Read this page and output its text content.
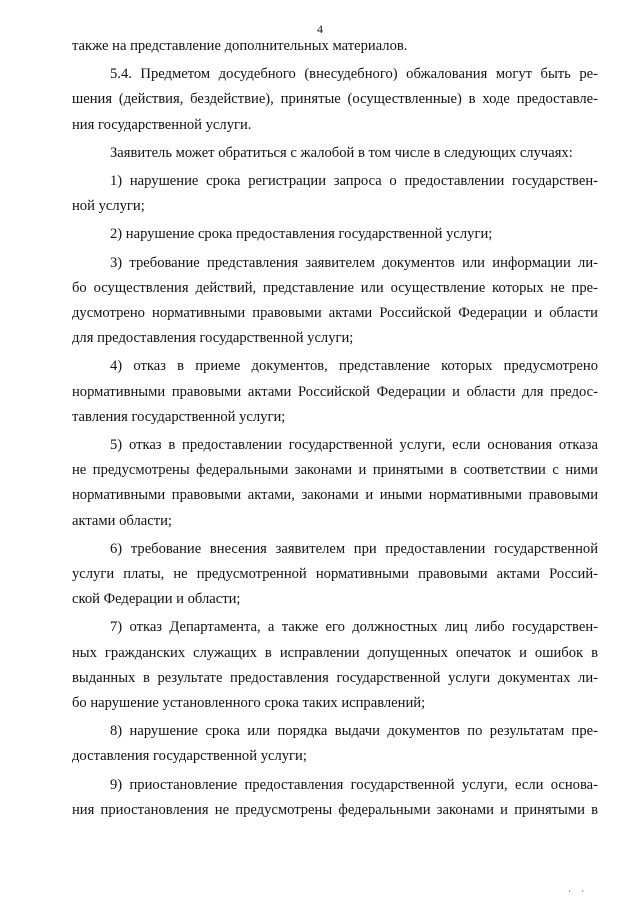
4
также на представление дополнительных материалов.
5.4. Предметом досудебного (внесудебного) обжалования могут быть ре-
шения (действия, бездействие), принятые (осуществленные) в ходе предоставле-
ния государственной услуги.
Заявитель может обратиться с жалобой в том числе в следующих случаях:
1) нарушение срока регистрации запроса о предоставлении государствен-
ной услуги;
2) нарушение срока предоставления государственной услуги;
3) требование представления заявителем документов или информации ли-
бо осуществления действий, представление или осуществление которых не пре-
дусмотрено нормативными правовыми актами Российской Федерации и области
для предоставления государственной услуги;
4) отказ в приеме документов, представление которых предусмотрено
нормативными правовыми актами Российской Федерации и области для предос-
тавления государственной услуги;
5) отказ в предоставлении государственной услуги, если основания отказа
не предусмотрены федеральными законами и принятыми в соответствии с ними
нормативными правовыми актами, законами и иными нормативными правовыми
актами области;
6) требование внесения заявителем при предоставлении государственной
услуги платы, не предусмотренной нормативными правовыми актами Россий-
ской Федерации и области;
7) отказ Департамента, а также его должностных лиц либо государствен-
ных гражданских служащих в исправлении допущенных опечаток и ошибок в
выданных в результате предоставления государственной услуги документах ли-
бо нарушение установленного срока таких исправлений;
8) нарушение срока или порядка выдачи документов по результатам пре-
доставления государственной услуги;
9) приостановление предоставления государственной услуги, если основа-
ния приостановления не предусмотрены федеральными законами и принятыми в
· ·
